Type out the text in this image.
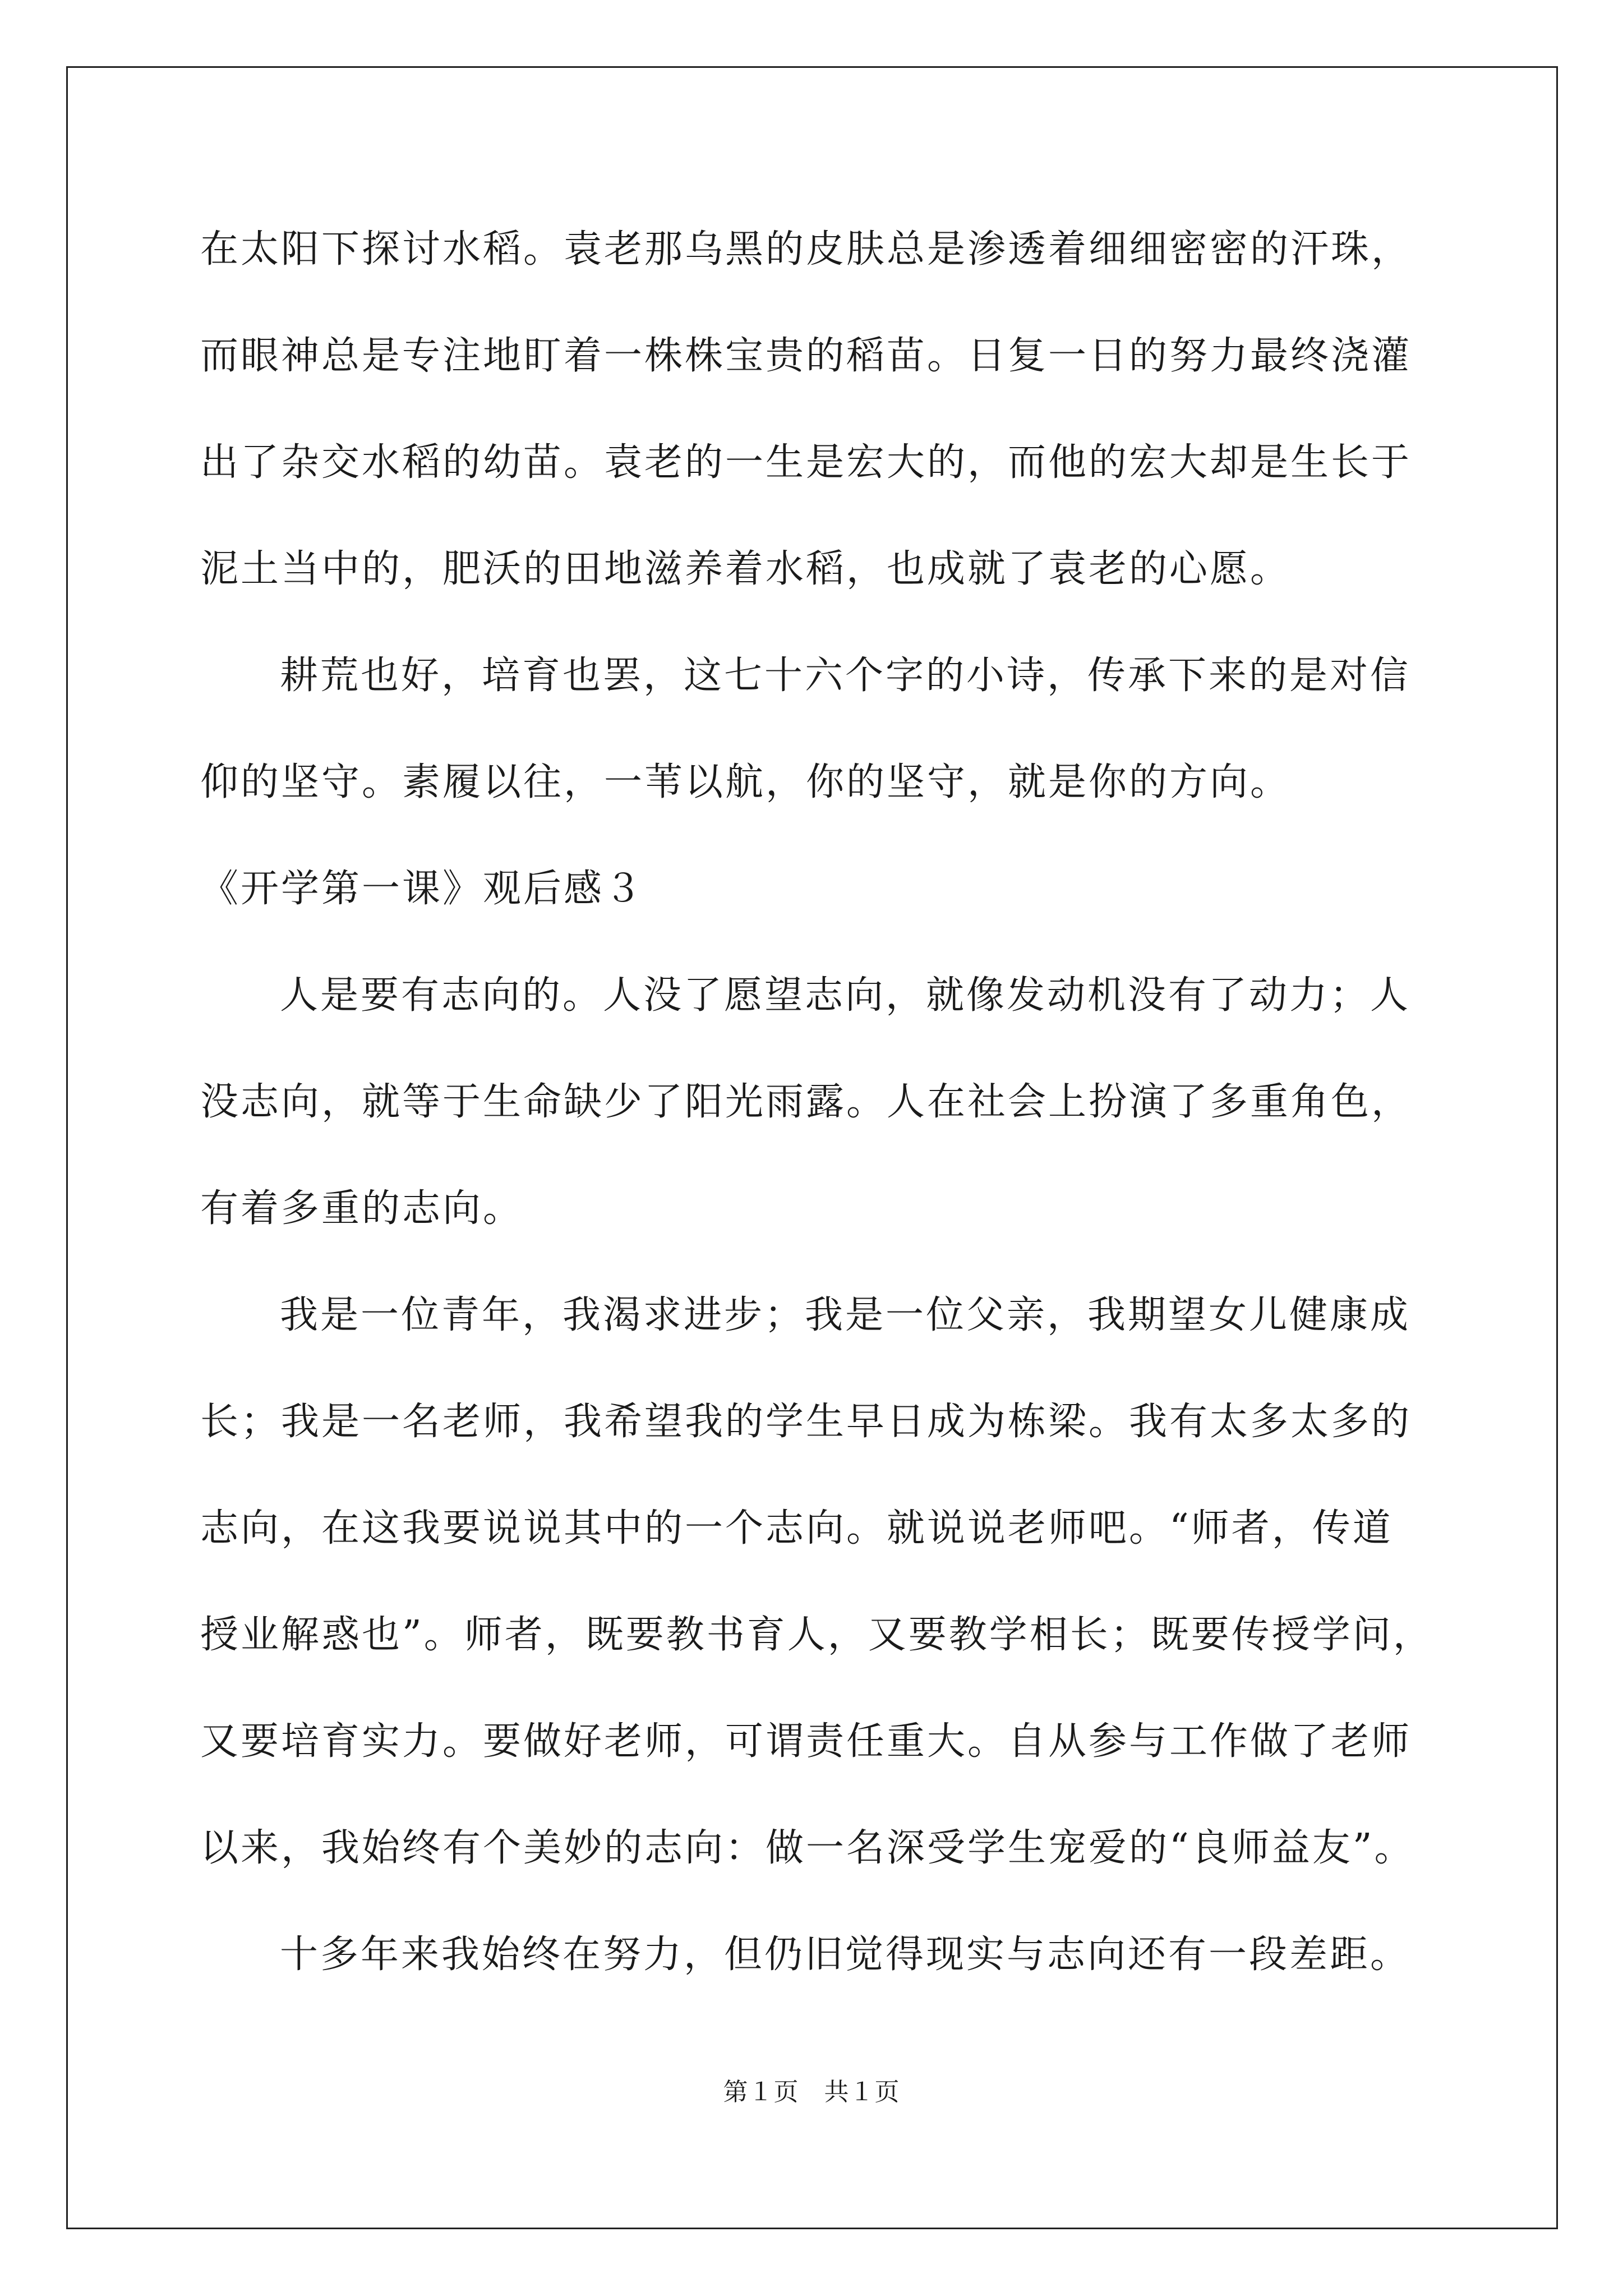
在太阳下探讨水稻。袁老那乌黑的皮肤总是渗透着细细密密的汗珠，
而眼神总是专注地盯着一株株宝贵的稻苗。日复一日的努力最终浇灌
出了杂交水稻的幼苗。袁老的一生是宏大的，而他的宏大却是生长于
泥土当中的，肥沃的田地滋养着水稻，也成就了袁老的心愿。
耕荒也好，培育也罢，这七十六个字的小诗，传承下来的是对信
仰的坚守。素履以往，一苇以航，你的坚守，就是你的方向。
《开学第一课》观后感３
人是要有志向的。人没了愿望志向，就像发动机没有了动力；人
没志向，就等于生命缺少了阳光雨露。人在社会上扮演了多重角色，
有着多重的志向。
我是一位青年，我渴求进步；我是一位父亲，我期望女儿健康成
长；我是一名老师，我希望我的学生早日成为栋梁。我有太多太多的
志向，在这我要说说其中的一个志向。就说说老师吧。“师者，传道
授业解惑也”。师者，既要教书育人，又要教学相长；既要传授学问，
又要培育实力。要做好老师，可谓责任重大。自从参与工作做了老师
以来，我始终有个美妙的志向：做一名深受学生宠爱的“良师益友”。
十多年来我始终在努力，但仍旧觉得现实与志向还有一段差距。
第１页　共１页
